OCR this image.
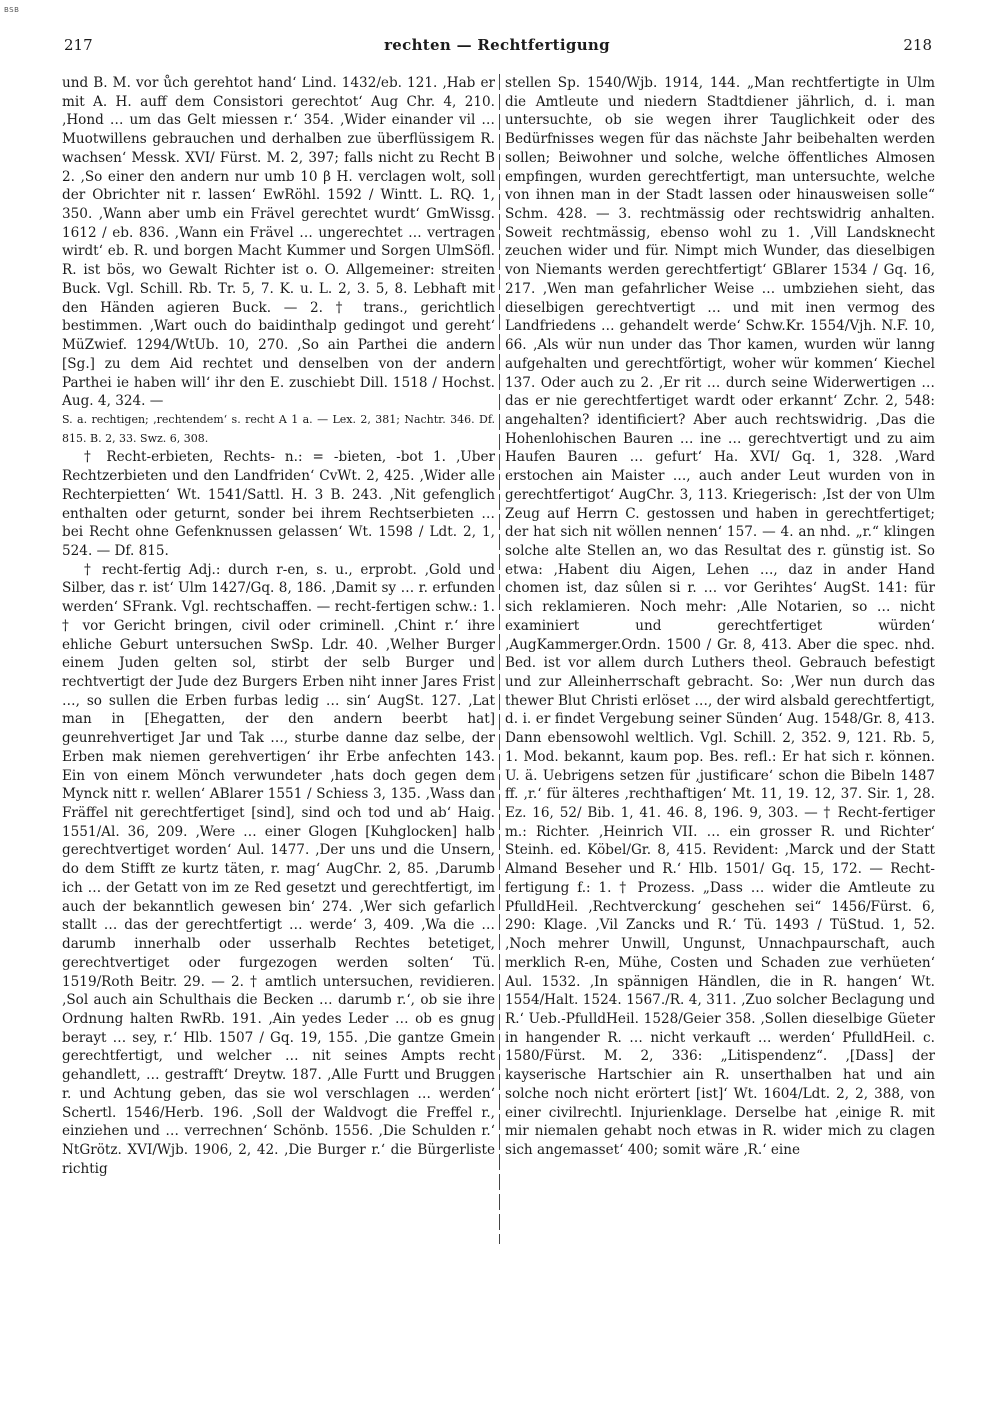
BSB
217	rechten — Rechtfertigung	218

und B. M. vor ůch gerehtot hand‘ Lind. 1432/eb. 121. ‚Hab er mit A. H. auff dem Consistori gerechtot‘ Aug Chr. 4, 210. ‚Hond … um das Gelt miessen r.‘ 354. ‚Wider einander vil … Muotwillens gebrauchen und derhalben zue überflüssigem R. wachsen‘ Messk. XVI/ Fürst. M. 2, 397; falls nicht zu Recht B 2. ‚So einer den andern nur umb 10 β H. verclagen wolt, soll der Obrichter nit r. lassen‘ EwRöhl. 1592 / Wintt. L. RQ. 1, 350. ‚Wann aber umb ein Frävel gerechtet wurdt‘ GmWissg. 1612 / eb. 836. ‚Wann ein Frävel … ungerechtet … vertragen wirdt‘ eb. R. und borgen Macht Kummer und Sorgen UlmSöfl. R. ist bös, wo Gewalt Richter ist o. O. Allgemeiner: streiten Buck. Vgl. Schill. Rb. Tr. 5, 7. K. u. L. 2, 3. 5, 8. Lebhaft mit den Händen agieren Buck. — 2. † trans., gerichtlich bestimmen. ‚Wart ouch do baidinthalp gedingot und gereht‘ MüZwief. 1294/WtUb. 10, 270. ‚So ain Parthei die andern [Sg.] zu dem Aid rechtet und denselben von der andern Parthei ie haben will‘ ihr den E. zuschiebt Dill. 1518 / Hochst. Aug. 4, 324. —

S. a. rechtigen; ‚rechtendem‘ s. recht A 1 a. — Lex. 2, 381; Nachtr. 346. Df. 815. B. 2, 33. Swz. 6, 308.

† Recht-erbieten, Rechts- n.: = -bieten, -bot 1. ‚Uber Rechtzerbieten und den Landfriden‘ CvWt. 2, 425. ‚Wider alle Rechterpietten‘ Wt. 1541/Sattl. H. 3 B. 243. ‚Nit gefenglich enthalten oder geturnt, sonder bei ihrem Rechtserbieten … bei Recht ohne Gefenknussen gelassen‘ Wt. 1598 / Ldt. 2, 1, 524. — Df. 815.

† recht-fertig Adj.: durch r-en, s. u., erprobt. ‚Gold und Silber, das r. ist‘ Ulm 1427/Gq. 8, 186. ‚Damit sy … r. erfunden werden‘ SFrank. Vgl. rechtschaffen. — recht-fertigen schw.: 1. † vor Gericht bringen, civil oder criminell. ‚Chint r.‘ ihre ehliche Geburt untersuchen SwSp. Ldr. 40. ‚Welher Burger einem Juden gelten sol, stirbt der selb Burger und rechtvertigt der Jude dez Burgers Erben niht inner Jares Frist …, so sullen die Erben furbas ledig … sin‘ AugSt. 127. ‚Lat man in [Ehegatten, der den andern beerbt hat] geunrehvertiget Jar und Tak …, sturbe danne daz selbe, der Erben mak niemen gerehvertigen‘ ihr Erbe anfechten 143. Ein von einem Mönch verwundeter ‚hats doch gegen dem Mynck nitt r. wellen‘ ABlarer 1551 / Schiess 3, 135. ‚Wass dan Fräffel nit gerechtfertiget [sind], sind och tod und ab‘ Haig. 1551/Al. 36, 209. ‚Were … einer Glogen [Kuhglocken] halb gerechtvertiget worden‘ Aul. 1477. ‚Der uns und die Unsern, do dem Stifft ze kurtz täten, r. mag‘ AugChr. 2, 85. ‚Darumb ich … der Getatt von im ze Red gesetzt und gerechtfertigt, im auch der bekanntlich gewesen bin‘ 274. ‚Wer sich gefarlich stallt … das der gerechtfertigt … werde‘ 3, 409. ‚Wa die … darumb innerhalb oder usserhalb Rechtes betetiget, gerechtvertiget oder furgezogen werden solten‘ Tü. 1519/Roth Beitr. 29. — 2. † amtlich untersuchen, revidieren. ‚Sol auch ain Schulthais die Becken … darumb r.‘, ob sie ihre Ordnung halten RwRb. 191. ‚Ain yedes Leder … ob es gnug berayt … sey, r.‘ Hlb. 1507 / Gq. 19, 155. ‚Die gantze Gmein gerechtfertigt, und welcher … nit seines Ampts recht gehandlett, … gestrafft‘ Dreytw. 187. ‚Alle Furtt und Bruggen r. und Achtung geben, das sie wol verschlagen … werden‘ Schertl. 1546/Herb. 196. ‚Soll der Waldvogt die Freffel r., einziehen und … verrechnen‘ Schönb. 1556. ‚Die Schulden r.‘ NtGrötz. XVI/Wjb. 1906, 2, 42. ‚Die Burger r.‘ die Bürgerliste richtig

stellen Sp. 1540/Wjb. 1914, 144. „Man rechtfertigte in Ulm die Amtleute und niedern Stadtdiener jährlich, d. i. man untersuchte, ob sie wegen ihrer Tauglichkeit oder des Bedürfnisses wegen für das nächste Jahr beibehalten werden sollen; Beiwohner und solche, welche öffentliches Almosen empfingen, wurden gerechtfertigt, man untersuchte, welche von ihnen man in der Stadt lassen oder hinausweisen solle“ Schm. 428. — 3. rechtmässig oder rechtswidrig anhalten. Soweit rechtmässig, ebenso wohl zu 1. ‚Vill Landsknecht zeuchen wider und für. Nimpt mich Wunder, das dieselbigen von Niemants werden gerechtfertigt‘ GBlarer 1534 / Gq. 16, 217. ‚Wen man gefahrlicher Weise … umbziehen sieht, das dieselbigen gerechtvertigt … und mit inen vermog des Landfriedens … gehandelt werde‘ Schw.Kr. 1554/Vjh. N.F. 10, 66. ‚Als wür nun under das Thor kamen, wurden wür lanng aufgehalten und gerechtförtigt, woher wür kommen‘ Kiechel 137. Oder auch zu 2. ‚Er rit … durch seine Widerwertigen … das er nie gerechtfertiget wardt oder erkannt‘ Zchr. 2, 548: angehalten? identificiert? Aber auch rechtswidrig. ‚Das die Hohenlohischen Bauren … ine … gerechtvertigt und zu aim Haufen Bauren … gefurt‘ Ha. XVI/ Gq. 1, 328. ‚Ward erstochen ain Maister …, auch ander Leut wurden von in gerechtfertigot‘ AugChr. 3, 113. Kriegerisch: ‚Ist der von Ulm Zeug auf Herrn C. gestossen und haben in gerechtfertiget; der hat sich nit wöllen nennen‘ 157. — 4. an nhd. „r.“ klingen solche alte Stellen an, wo das Resultat des r. günstig ist. So etwa: ‚Habent diu Aigen, Lehen …, daz in ander Hand chomen ist, daz sûlen si r. … vor Gerihtes‘ AugSt. 141: für sich reklamieren. Noch mehr: ‚Alle Notarien, so … nicht examiniert und gerechtfertiget würden‘ ‚AugKammerger.Ordn. 1500 / Gr. 8, 413. Aber die spec. nhd. Bed. ist vor allem durch Luthers theol. Gebrauch befestigt und zur Alleinherrschaft gebracht. So: ‚Wer nun durch das thewer Blut Christi erlöset …, der wird alsbald gerechtfertigt, d. i. er findet Vergebung seiner Sünden‘ Aug. 1548/Gr. 8, 413. Dann ebensowohl weltlich. Vgl. Schill. 2, 352. 9, 121. Rb. 5, 1. Mod. bekannt, kaum pop. Bes. refl.: Er hat sich r. können. U. ä. Uebrigens setzen für ‚justificare‘ schon die Bibeln 1487 ff. ‚r.‘ für älteres ‚rechthaftigen‘ Mt. 11, 19. 12, 37. Sir. 1, 28. Ez. 16, 52/ Bib. 1, 41. 46. 8, 196. 9, 303. — † Recht-fertiger m.: Richter. ‚Heinrich VII. … ein grosser R. und Richter‘ Steinh. ed. Köbel/Gr. 8, 415. Revident: ‚Marck und der Statt Almand Beseher und R.‘ Hlb. 1501/ Gq. 15, 172. — Recht-fertigung f.: 1. † Prozess. „Dass … wider die Amtleute zu PfulldHeil. ‚Rechtverckung‘ geschehen sei“ 1456/Fürst. 6, 290: Klage. ‚Vil Zancks und R.‘ Tü. 1493 / TüStud. 1, 52. ‚Noch mehrer Unwill, Ungunst, Unnachpaurschaft, auch merklich R-en, Mühe, Costen und Schaden zue verhüeten‘ Aul. 1532. ‚In spännigen Händlen, die in R. hangen‘ Wt. 1554/Halt. 1524. 1567./R. 4, 311. ‚Zuo solcher Beclagung und R.‘ Ueb.-PfulldHeil. 1528/Geier 358. ‚Sollen dieselbige Güeter in hangender R. … nicht verkauft … werden‘ PfulldHeil. c. 1580/Fürst. M. 2, 336: „Litispendenz“. ‚[Dass] der kayserische Hartschier ain R. unserthalben hat und ain solche noch nicht erörtert [ist]‘ Wt. 1604/Ldt. 2, 2, 388, von einer civilrechtl. Injurienklage. Derselbe hat ‚einige R. mit mir niemalen gehabt noch etwas in R. wider mich zu clagen sich angemasset‘ 400; somit wäre ‚R.‘ eine
